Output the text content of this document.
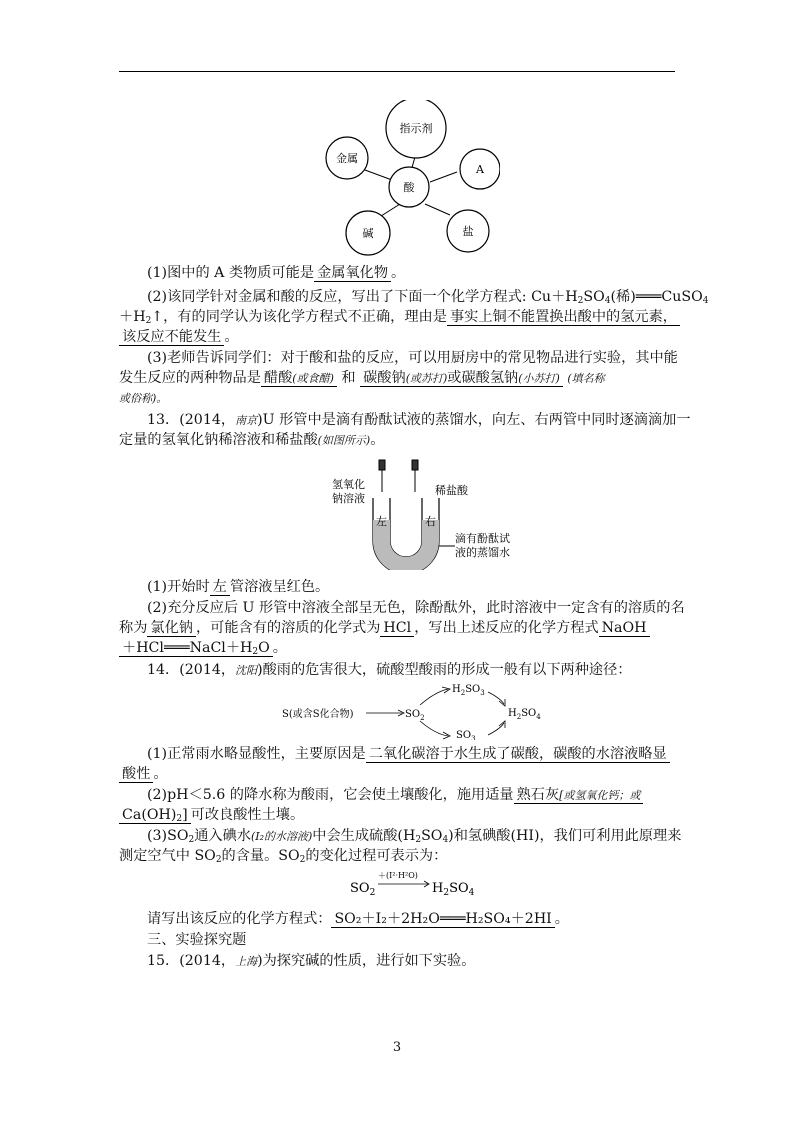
酸
指示剂
A
盐
碱
金属
(1)图中的 A 类物质可能是 金属氧化物 。
(2)该同学针对金属和酸的反应，写出了下面一个化学方程式: $Cu+H_2SO_4$(稀)═══CuSO$_4$
$+H_2↑$，有的同学认为该化学方程式不正确，理由是 事实上铜不能置换出酸中的氢元素，
该反应不能发生 。
(3)老师告诉同学们：对于酸和盐的反应，可以用厨房中的常见物品进行实验，其中能
发生反应的两种物品是 醋酸(或食醋) 和 碳酸钠(或苏打)或碳酸氢钠(小苏打) (填名称
或俗称)。
13．(2014，南京)U 形管中是滴有酚酞试液的蒸馏水，向左、右两管中同时逐滴滴加一
定量的氢氧化钠稀溶液和稀盐酸(如图所示)。
氢氧化
钠溶液
稀盐酸
左	右
滴有酚酞试
液的蒸馏水
(1)开始时 左 管溶液呈红色。
(2)充分反应后 U 形管中溶液全部呈无色，除酚酞外，此时溶液中一定含有的溶质的名
称为 氯化钠 ，可能含有的溶质的化学式为 HCl ，写出上述反应的化学方程式 NaOH
$+HCl═══NaCl+H_2O$ 。
14．(2014，沈阳)酸雨的危害很大，硫酸型酸雨的形成一般有以下两种途径：
S(或含S化合物)	$SO_2$
$H_2SO_3$
$H_2SO_4$
$SO_3$
(1)正常雨水略显酸性，主要原因是 二氧化碳溶于水生成了碳酸，碳酸的水溶液略显
酸性 。
(2)pH＜5.6 的降水称为酸雨，它会使土壤酸化，施用适量 熟石灰[或氢氧化钙；或
$Ca(OH)_2$] 可改良酸性土壤。
$(3)SO_2$通入碘水(I₂的水溶液)中会生成硫酸$(H_2SO_4)$和氢碘酸(HI)，我们可利用此原理来
测定空气中 $SO_2$的含量。$SO_2$的变化过程可表示为：
$SO_2$
＋(I²·H²O)
$H_2SO_4$
请写出该反应的化学方程式： SO₂＋I₂＋2H₂O═══H₂SO₄＋2HI 。
三、实验探究题
15．(2014，上海)为探究碱的性质，进行如下实验。
3
